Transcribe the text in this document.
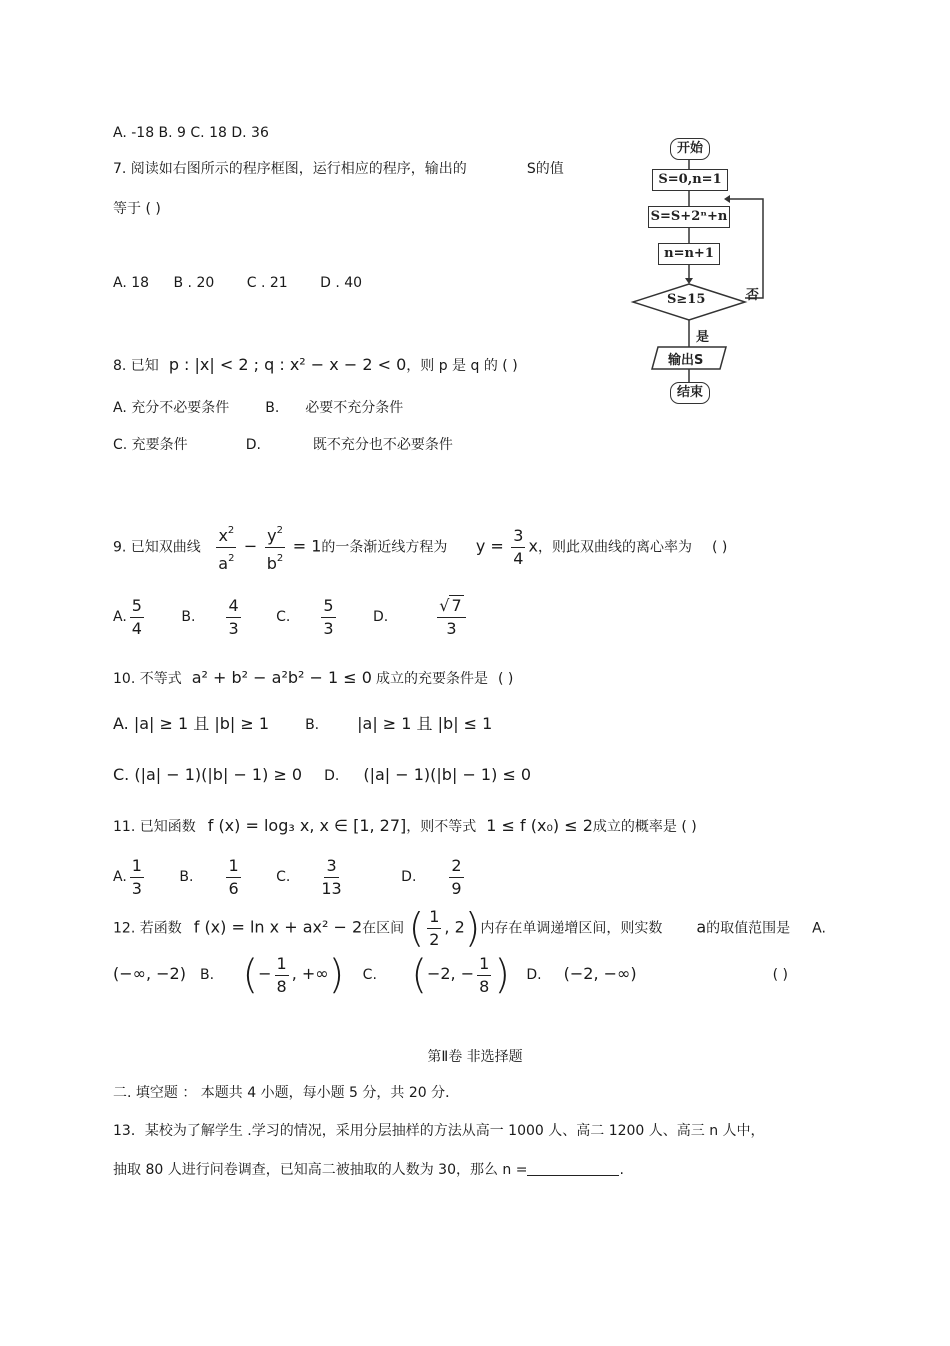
A. -18 B. 9 C. 18 D. 36
7. 阅读如右图所示的程序框图，运行相应的程序，输出的	S的值
等于 ( )
A. 18 B . 20 C . 21 D . 40
开始
S=0,n=1
S=S+2ⁿ+n
n=n+1
S≥15	否
是
输出S
结束
8. 已知 p : |x| < 2 ; q : x² − x − 2 < 0，则 p 是 q 的 ( )
A. 充分不必要条件	B. 必要不充分条件
C. 充要条件	D.	既不充分也不必要条件
9. 已知双曲线 $\frac{x^2}{a^2} - \frac{y^2}{b^2} = 1$的一条渐近线方程为 $y = \frac{3}{4}$ x，则此双曲线的离心率为 ( )
A. $\frac{5}{4}$	B. $\frac{4}{3}$	C. $\frac{5}{3}$	D.	$\frac{√ 7}{3}$
10. 不等式 a² + b² − a²b² − 1 ≤ 0 成立的充要条件是 ( )
A. |a| ≥ 1 且 |b| ≥ 1	B. |a| ≥ 1 且 |b| ≤ 1
C. (|a| − 1)(|b| − 1) ≥ 0 D. (|a| − 1)(|b| − 1) ≤ 0
11. 已知函数 f (x) = log₃ x, x ∈ [1, 27]，则不等式 1 ≤ f (x₀) ≤ 2成立的概率是 ( )
A. $\frac{1}{3}$	B. $\frac{1}{6}$	C. $\frac{3}{13}$	D. $\frac{2}{9}$
12. 若函数 f (x) = ln x + ax² − 2在区间 ( $\frac{1}{2}$ , 2)内存在单调递增区间，则实数 a的取值范围是 A.
(−∞, −2) B. (− $\frac{1}{8}$ , +∞) C. (−2, − $\frac{1}{8}$ ) D. (−2, −∞)	( )
第Ⅱ卷 非选择题
二. 填空题 ： 本题共 4 小题，每小题 5 分，共 20 分．
13．某校为了解学生 .学习的情况，采用分层抽样的方法从高一 1000 人、高二 1200 人、高三 n 人中，
抽取 80 人进行问卷调查，已知高二被抽取的人数为 30，那么 n =	.
